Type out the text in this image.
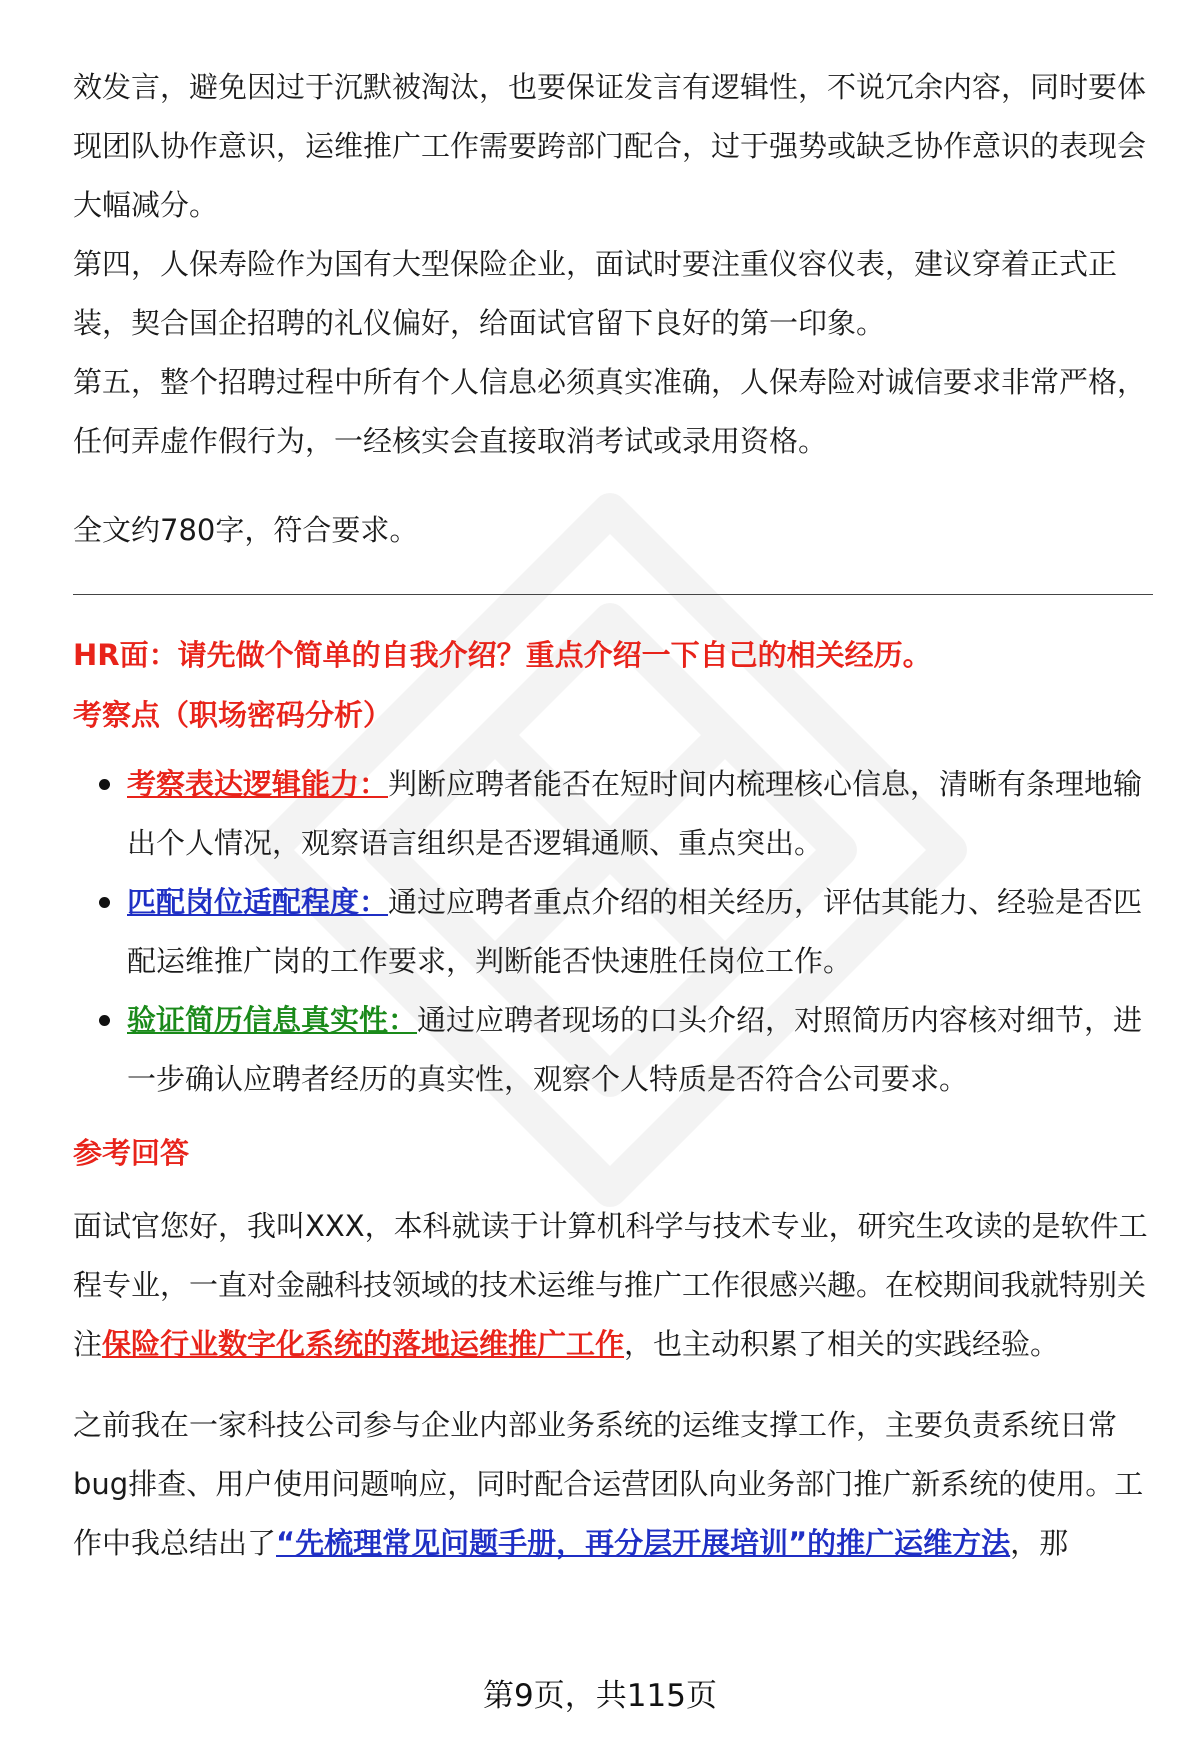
效发言，避免因过于沉默被淘汰，也要保证发言有逻辑性，不说冗余内容，同时要体现团队协作意识，运维推广工作需要跨部门配合，过于强势或缺乏协作意识的表现会大幅减分。

第四，人保寿险作为国有大型保险企业，面试时要注重仪容仪表，建议穿着正式正装，契合国企招聘的礼仪偏好，给面试官留下良好的第一印象。

第五，整个招聘过程中所有个人信息必须真实准确，人保寿险对诚信要求非常严格，任何弄虚作假行为，一经核实会直接取消考试或录用资格。

全文约780字，符合要求。

HR面：请先做个简单的自我介绍？重点介绍一下自己的相关经历。

考察点（职场密码分析）

考察表达逻辑能力：判断应聘者能否在短时间内梳理核心信息，清晰有条理地输出个人情况，观察语言组织是否逻辑通顺、重点突出。
匹配岗位适配程度：通过应聘者重点介绍的相关经历，评估其能力、经验是否匹配运维推广岗的工作要求，判断能否快速胜任岗位工作。
验证简历信息真实性：通过应聘者现场的口头介绍，对照简历内容核对细节，进一步确认应聘者经历的真实性，观察个人特质是否符合公司要求。

参考回答

面试官您好，我叫XXX，本科就读于计算机科学与技术专业，研究生攻读的是软件工程专业，一直对金融科技领域的技术运维与推广工作很感兴趣。在校期间我就特别关注保险行业数字化系统的落地运维推广工作，也主动积累了相关的实践经验。

之前我在一家科技公司参与企业内部业务系统的运维支撑工作，主要负责系统日常bug排查、用户使用问题响应，同时配合运营团队向业务部门推广新系统的使用。工作中我总结出了“先梳理常见问题手册，再分层开展培训”的推广运维方法，那

第9页，共115页
